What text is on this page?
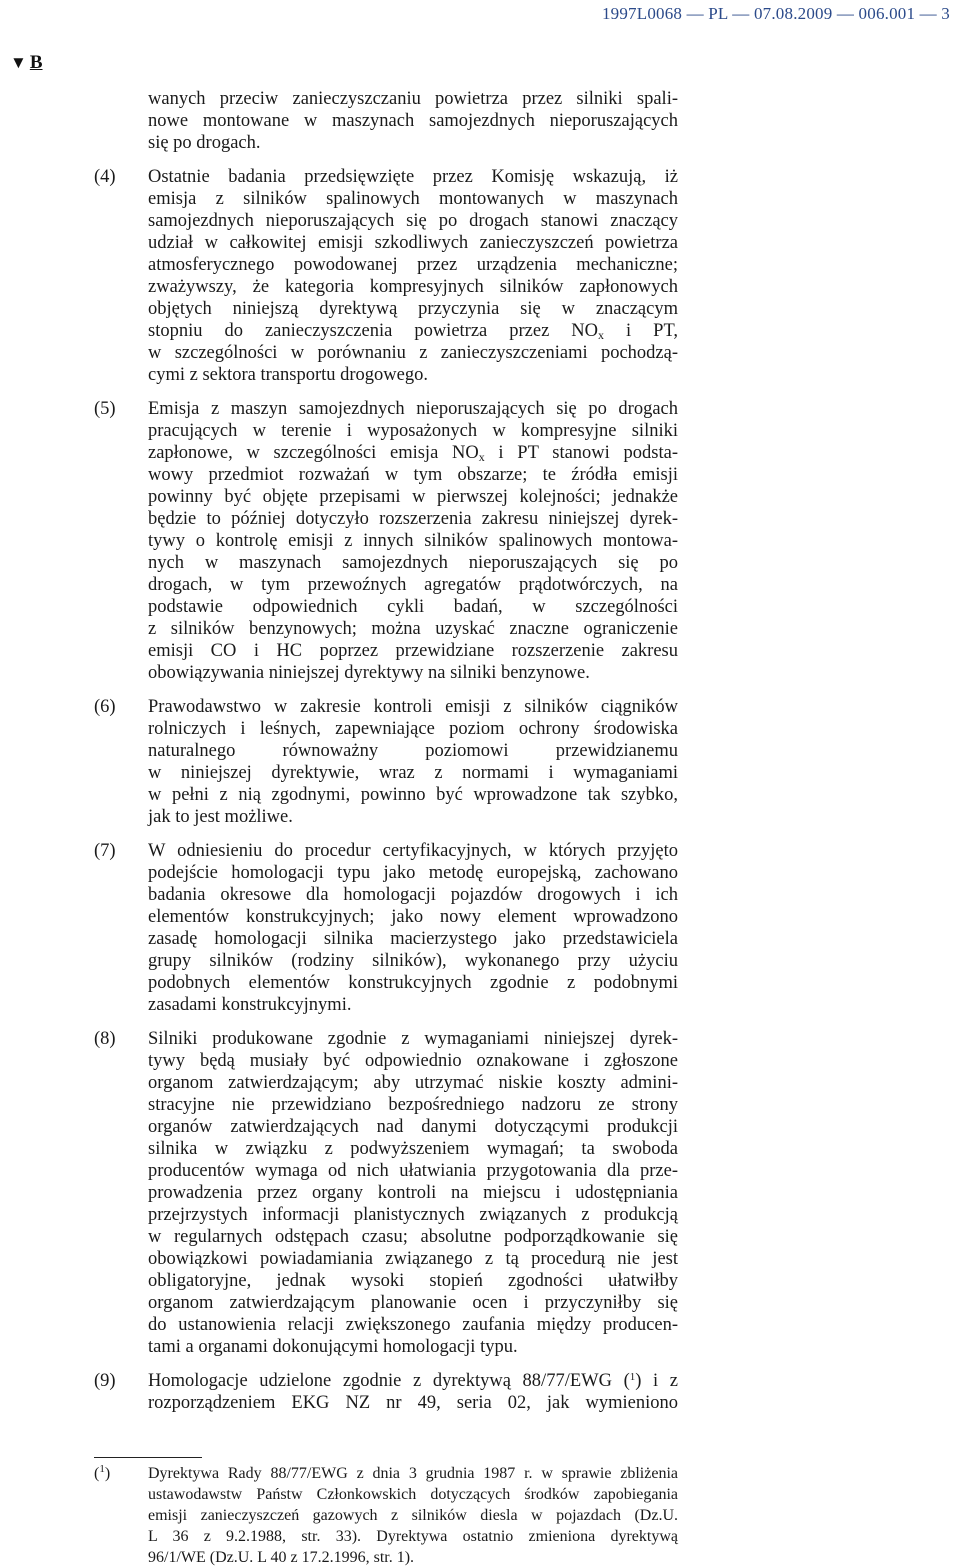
1997L0068 — PL — 07.08.2009 — 006.001 — 3
▼ B
wanych przeciw zanieczyszczaniu powietrza przez silniki spali-
nowe montowane w maszynach samojezdnych nieporuszających
się po drogach.
(4) Ostatnie badania przedsięwzięte przez Komisję wskazują, iż
emisja z silników spalinowych montowanych w maszynach
samojezdnych nieporuszających się po drogach stanowi znaczący
udział w całkowitej emisji szkodliwych zanieczyszczeń powietrza
atmosferycznego powodowanej przez urządzenia mechaniczne;
zważywszy, że kategoria kompresyjnych silników zapłonowych
objętych niniejszą dyrektywą przyczynia się w znaczącym
stopniu do zanieczyszczenia powietrza przez $NO_x$ i PT,
w szczególności w porównaniu z zanieczyszczeniami pochodzą-
cymi z sektora transportu drogowego.
(5) Emisja z maszyn samojezdnych nieporuszających się po drogach
pracujących w terenie i wyposażonych w kompresyjne silniki
zapłonowe, w szczególności emisja $NO_x$ i PT stanowi podsta-
wowy przedmiot rozważań w tym obszarze; te źródła emisji
powinny być objęte przepisami w pierwszej kolejności; jednakże
będzie to później dotyczyło rozszerzenia zakresu niniejszej dyrek-
tywy o kontrolę emisji z innych silników spalinowych montowa-
nych w maszynach samojezdnych nieporuszających się po
drogach, w tym przewoźnych agregatów prądotwórczych, na
podstawie odpowiednich cykli badań, w szczególności
z silników benzynowych; można uzyskać znaczne ograniczenie
emisji CO i HC poprzez przewidziane rozszerzenie zakresu
obowiązywania niniejszej dyrektywy na silniki benzynowe.
(6) Prawodawstwo w zakresie kontroli emisji z silników ciągników
rolniczych i leśnych, zapewniające poziom ochrony środowiska
naturalnego równoważny poziomowi przewidzianemu
w niniejszej dyrektywie, wraz z normami i wymaganiami
w pełni z nią zgodnymi, powinno być wprowadzone tak szybko,
jak to jest możliwe.
(7) W odniesieniu do procedur certyfikacyjnych, w których przyjęto
podejście homologacji typu jako metodę europejską, zachowano
badania okresowe dla homologacji pojazdów drogowych i ich
elementów konstrukcyjnych; jako nowy element wprowadzono
zasadę homologacji silnika macierzystego jako przedstawiciela
grupy silników (rodziny silników), wykonanego przy użyciu
podobnych elementów konstrukcyjnych zgodnie z podobnymi
zasadami konstrukcyjnymi.
(8) Silniki produkowane zgodnie z wymaganiami niniejszej dyrek-
tywy będą musiały być odpowiednio oznakowane i zgłoszone
organom zatwierdzającym; aby utrzymać niskie koszty admini-
stracyjne nie przewidziano bezpośredniego nadzoru ze strony
organów zatwierdzających nad danymi dotyczącymi produkcji
silnika w związku z podwyższeniem wymagań; ta swoboda
producentów wymaga od nich ułatwiania przygotowania dla prze-
prowadzenia przez organy kontroli na miejscu i udostępniania
przejrzystych informacji planistycznych związanych z produkcją
w regularnych odstępach czasu; absolutne podporządkowanie się
obowiązkowi powiadamiania związanego z tą procedurą nie jest
obligatoryjne, jednak wysoki stopień zgodności ułatwiłby
organom zatwierdzającym planowanie ocen i przyczyniłby się
do ustanowienia relacji zwiększonego zaufania między producen-
tami a organami dokonującymi homologacji typu.
(9) Homologacje udzielone zgodnie z dyrektywą 88/77/EWG ($^1$) i z
rozporządzeniem EKG NZ nr 49, seria 02, jak wymieniono
($^1$) Dyrektywa Rady 88/77/EWG z dnia 3 grudnia 1987 r. w sprawie zbliżenia
ustawodawstw Państw Członkowskich dotyczących środków zapobiegania
emisji zanieczyszczeń gazowych z silników diesla w pojazdach (Dz.U.
L 36 z 9.2.1988, str. 33). Dyrektywa ostatnio zmieniona dyrektywą
96/1/WE (Dz.U. L 40 z 17.2.1996, str. 1).
